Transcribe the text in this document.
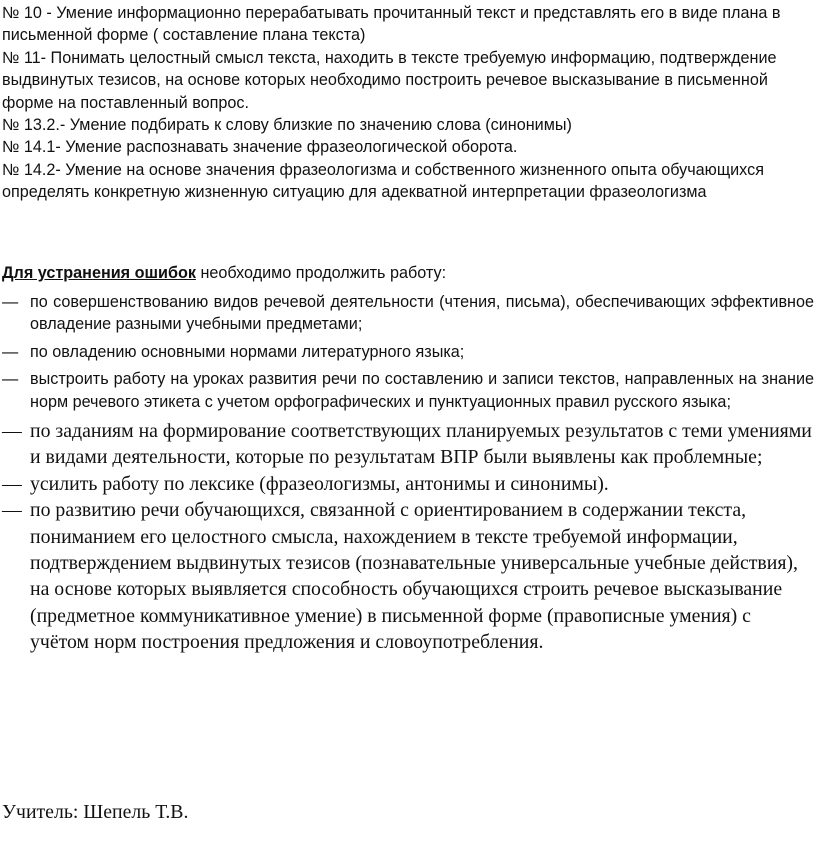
№ 10 - Умение информационно перерабатывать прочитанный текст и представлять его в виде плана в письменной форме ( составление плана текста)

№ 11- Понимать целостный смысл текста, находить в тексте требуемую информацию, подтверждение выдвинутых тезисов, на основе которых необходимо построить речевое высказывание в письменной форме на поставленный вопрос.

№ 13.2.- Умение подбирать к слову близкие по значению слова (синонимы)

№ 14.1- Умение распознавать значение фразеологической оборота.

№ 14.2- Умение на основе значения фразеологизма и собственного жизненного опыта обучающихся определять конкретную жизненную ситуацию для адекватной интерпретации фразеологизма

Для устранения ошибок необходимо продолжить работу:

— по совершенствованию видов речевой деятельности (чтения, письма), обеспечивающих эффективное овладение разными учебными предметами;
— по овладению основными нормами литературного языка;
— выстроить работу на уроках развития речи по составлению и записи текстов, направленных на знание норм речевого этикета с учетом орфографических и пунктуационных правил русского языка;
— по заданиям на формирование соответствующих планируемых результатов с теми умениями и видами деятельности, которые по результатам ВПР были выявлены как проблемные;
— усилить работу по лексике (фразеологизмы, антонимы и синонимы).
— по развитию речи обучающихся, связанной с ориентированием в содержании текста, пониманием его целостного смысла, нахождением в тексте требуемой информации, подтверждением выдвинутых тезисов (познавательные универсальные учебные действия), на основе которых выявляется способность обучающихся строить речевое высказывание (предметное коммуникативное умение) в письменной форме (правописные умения) с учётом норм построения предложения и словоупотребления.

Учитель: Шепель Т.В.
